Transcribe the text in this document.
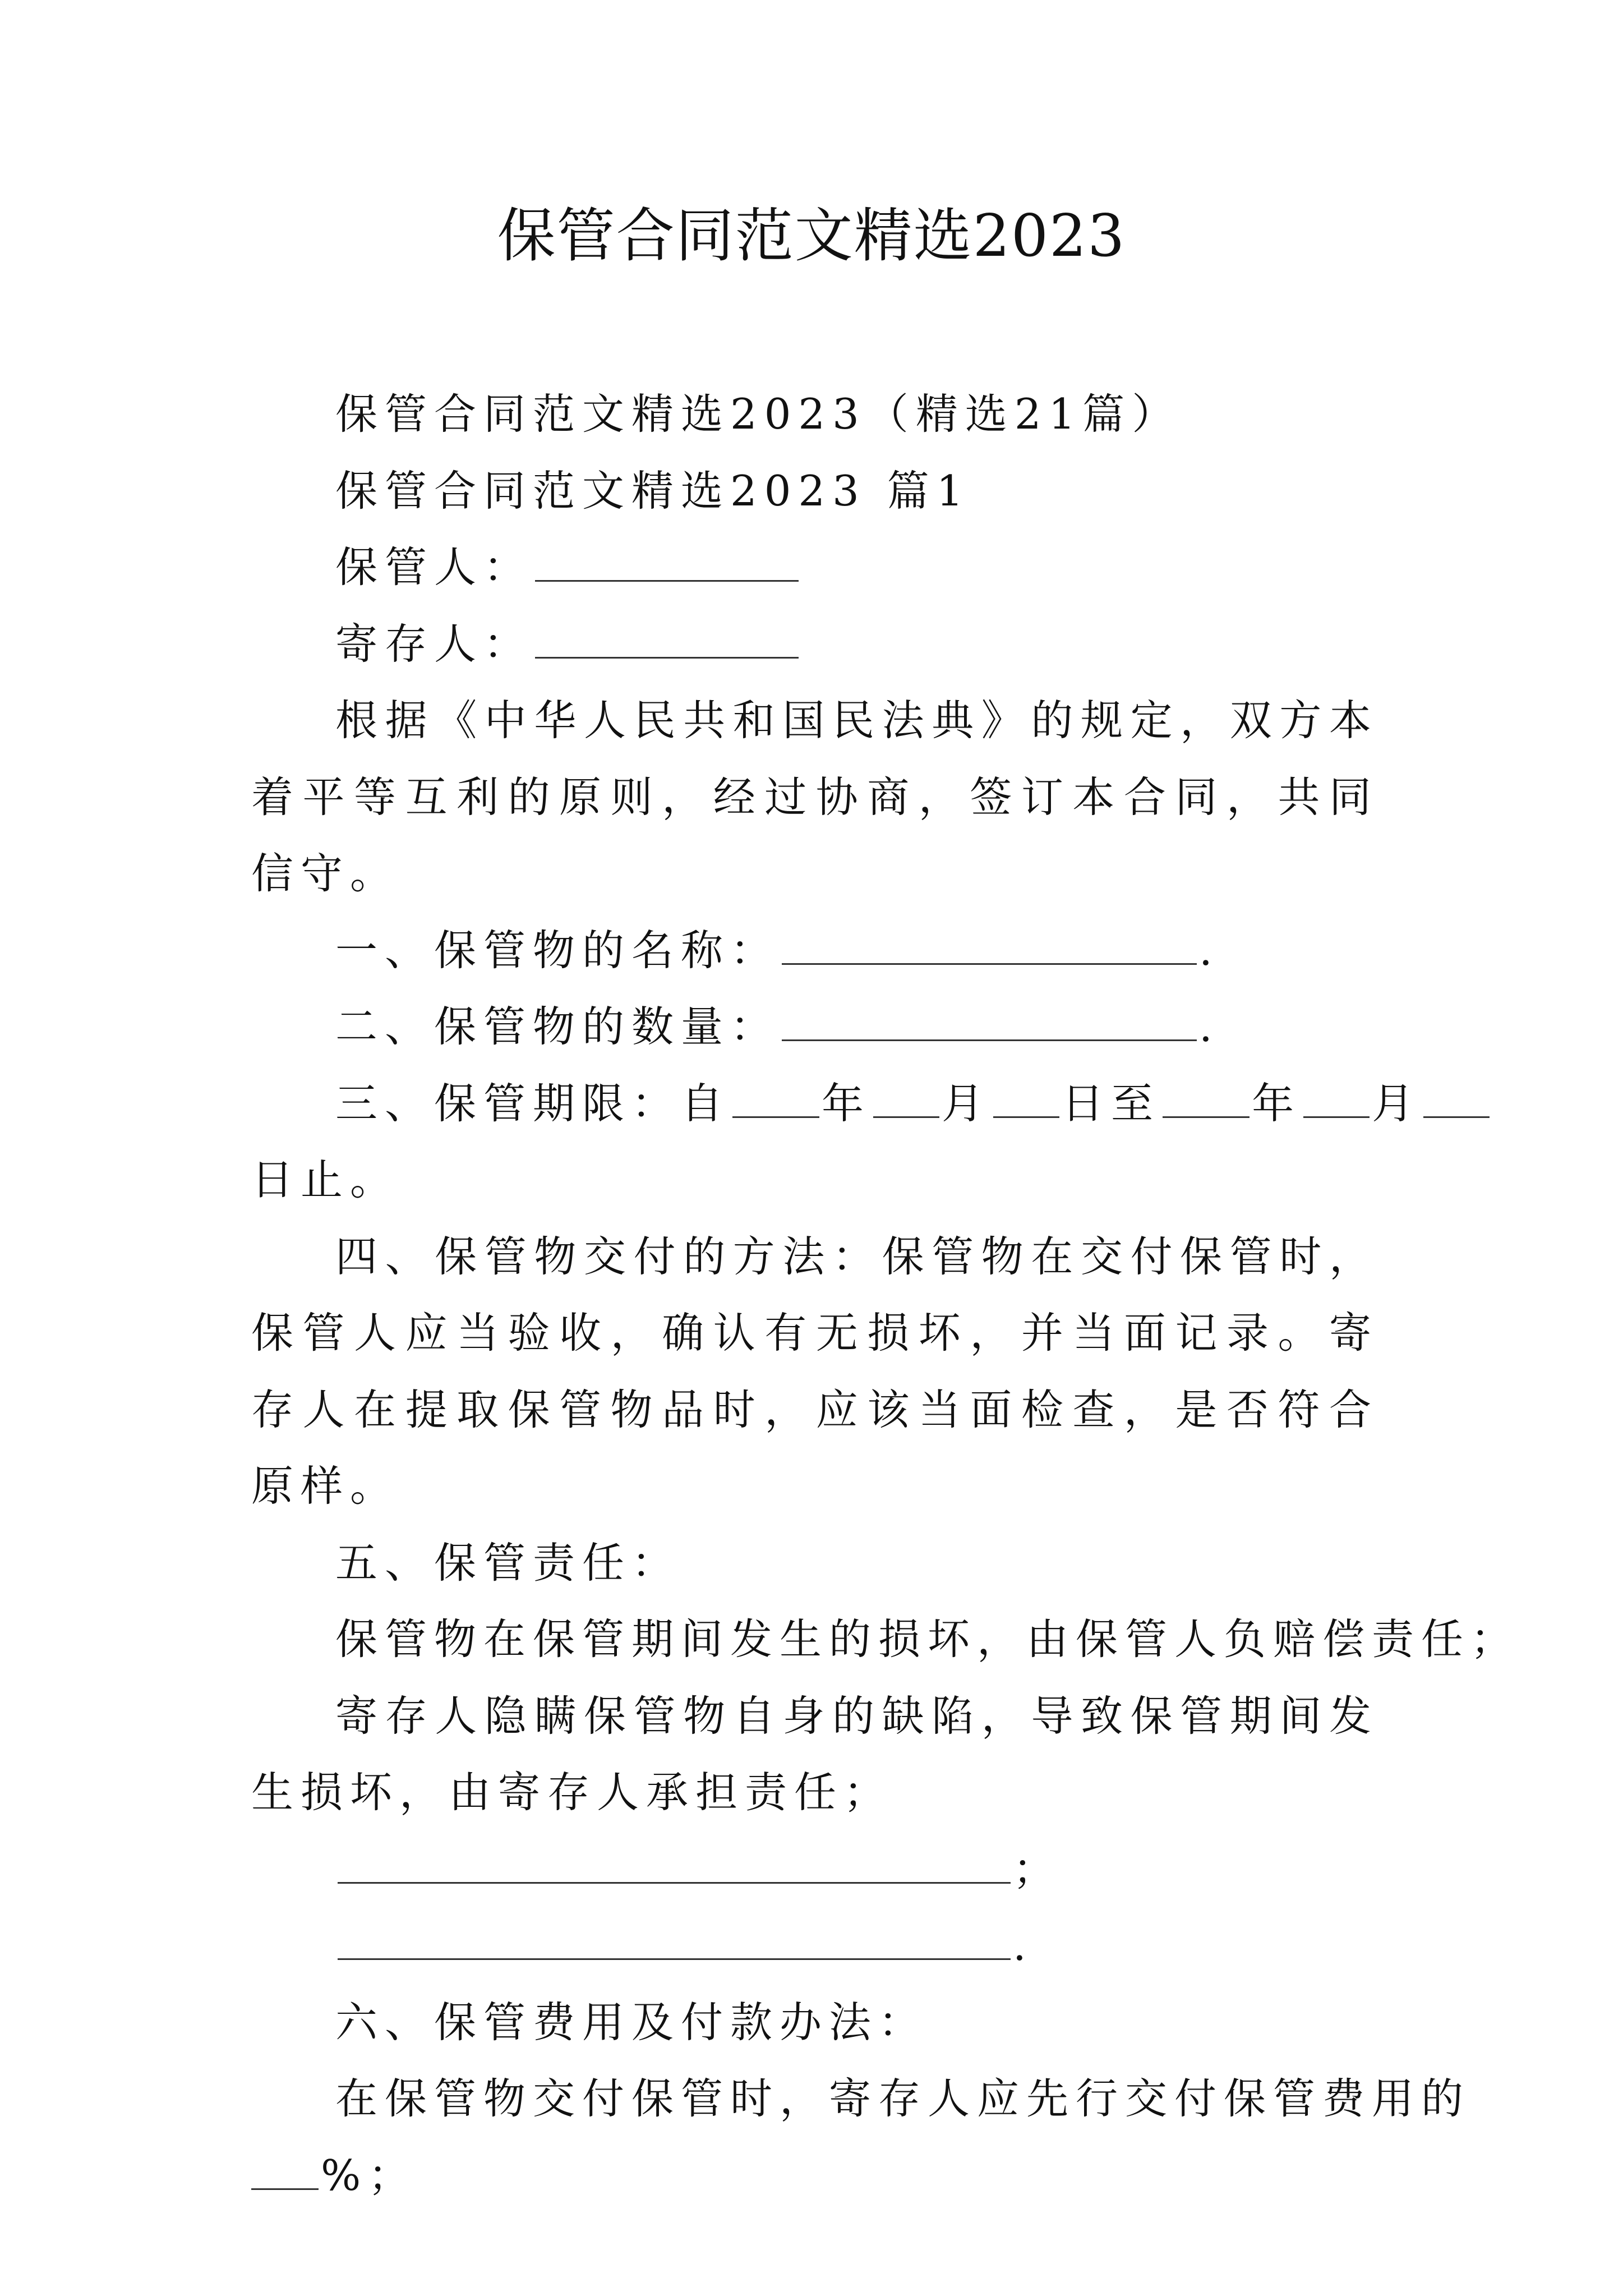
保管合同范文精选2023

保管合同范文精选2023（精选21篇）

保管合同范文精选2023 篇1

保管人：

寄存人：

根据《中华人民共和国民法典》的规定，双方本着平等互利的原则，经过协商，签订本合同，共同信守。

一、保管物的名称：	.

二、保管物的数量：	.

三、保管期限：自 年 月 日至 年 月

日止。

四、保管物交付的方法：保管物在交付保管时，保管人应当验收，确认有无损坏，并当面记录。寄存人在提取保管物品时，应该当面检查，是否符合原样。

五、保管责任：

保管物在保管期间发生的损坏，由保管人负赔偿责任；

寄存人隐瞒保管物自身的缺陷，导致保管期间发生损坏，由寄存人承担责任；

；

.

六、保管费用及付款办法：

在保管物交付保管时，寄存人应先行交付保管费用的

%；
